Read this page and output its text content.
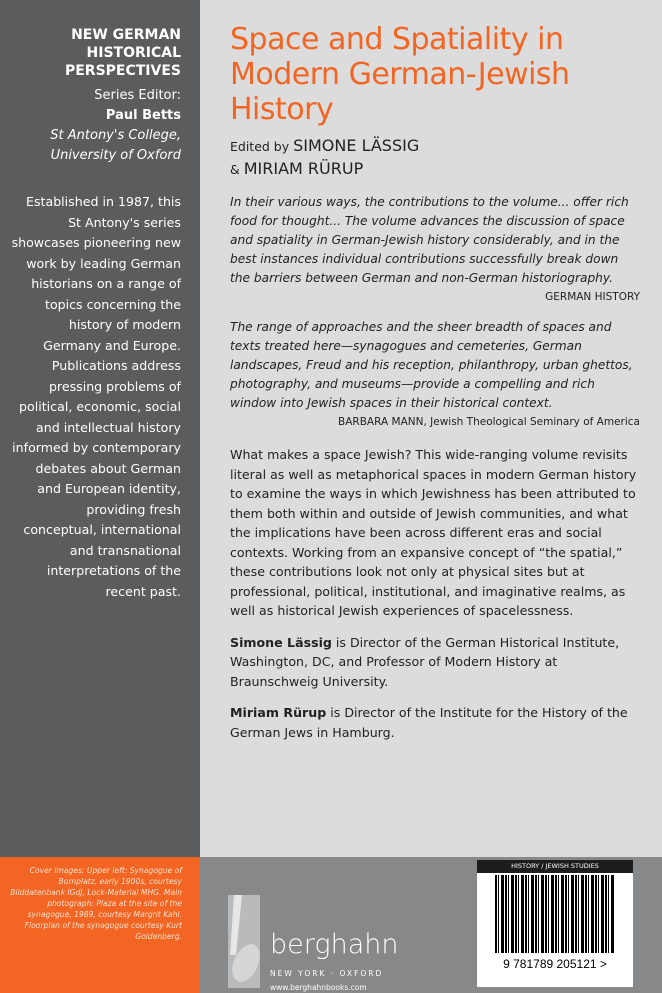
NEW GERMAN HISTORICAL PERSPECTIVES
Series Editor:
Paul Betts
St Antony's College,
University of Oxford

Established in 1987, this St Antony's series showcases pioneering new work by leading German historians on a range of topics concerning the history of modern Germany and Europe. Publications address pressing problems of political, economic, social and intellectual history informed by contemporary debates about German and European identity, providing fresh conceptual, international and transnational interpretations of the recent past.

Space and Spatiality in Modern German-Jewish History
Edited by SIMONE LÄSSIG
& MIRIAM RÜRUP

In their various ways, the contributions to the volume... offer rich food for thought... The volume advances the discussion of space and spatiality in German-Jewish history considerably, and in the best instances individual contributions successfully break down the barriers between German and non-German historiography.

GERMAN HISTORY

The range of approaches and the sheer breadth of spaces and texts treated here—synagogues and cemeteries, German landscapes, Freud and his reception, philanthropy, urban ghettos, photography, and museums—provide a compelling and rich window into Jewish spaces in their historical context.

BARBARA MANN, Jewish Theological Seminary of America

What makes a space Jewish? This wide-ranging volume revisits literal as well as metaphorical spaces in modern German history to examine the ways in which Jewishness has been attributed to them both within and outside of Jewish communities, and what the implications have been across different eras and social contexts. Working from an expansive concept of “the spatial,” these contributions look not only at physical sites but at professional, political, institutional, and imaginative realms, as well as historical Jewish experiences of spacelessness.

Simone Lässig is Director of the German Historical Institute, Washington, DC, and Professor of Modern History at Braunschweig University.

Miriam Rürup is Director of the Institute for the History of the German Jews in Hamburg.

Cover images: Upper left: Synagogue of Bornplatz, early 1900s, courtesy Bilddatenbank IGdJ, Lock-Material MHG. Main photograph: Plaza at the site of the synagogue, 1989, courtesy Margrit Kahl. Floorplan of the synagogue courtesy Kurt Goldenberg.	berghahn
NEW YORK · OXFORD
www.berghahnbooks.com
HISTORY / JEWISH STUDIES
9 781789 205121 >
